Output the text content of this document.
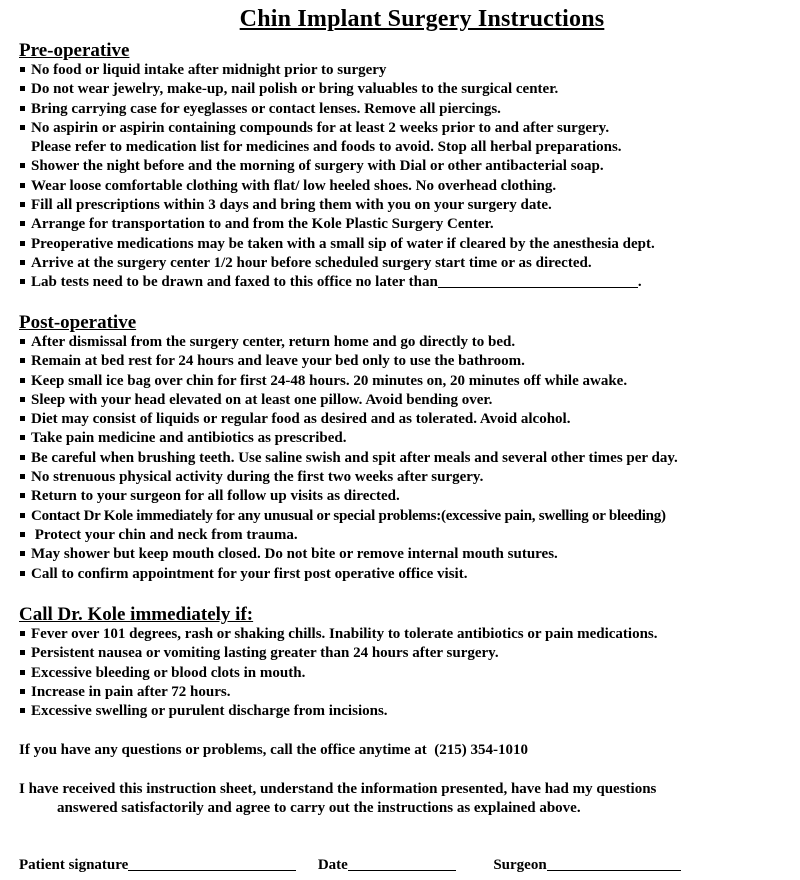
Chin Implant Surgery Instructions
Pre-operative
No food or liquid intake after midnight prior to surgery
Do not wear jewelry, make-up, nail polish or bring valuables to the surgical center.
Bring carrying case for eyeglasses or contact lenses. Remove all piercings.
No aspirin or aspirin containing compounds for at least 2 weeks prior to and after surgery.
Please refer to medication list for medicines and foods to avoid. Stop all herbal preparations.
Shower the night before and the morning of surgery with Dial or other antibacterial soap.
Wear loose comfortable clothing with flat/ low heeled shoes. No overhead clothing.
Fill all prescriptions within 3 days and bring them with you on your surgery date.
Arrange for transportation to and from the Kole Plastic Surgery Center.
Preoperative medications may be taken with a small sip of water if cleared by the anesthesia dept.
Arrive at the surgery center 1/2 hour before scheduled surgery start time or as directed.
Lab tests need to be drawn and faxed to this office no later than	.
Post-operative
After dismissal from the surgery center, return home and go directly to bed.
Remain at bed rest for 24 hours and leave your bed only to use the bathroom.
Keep small ice bag over chin for first 24-48 hours. 20 minutes on, 20 minutes off while awake.
Sleep with your head elevated on at least one pillow. Avoid bending over.
Diet may consist of liquids or regular food as desired and as tolerated. Avoid alcohol.
Take pain medicine and antibiotics as prescribed.
Be careful when brushing teeth. Use saline swish and spit after meals and several other times per day.
No strenuous physical activity during the first two weeks after surgery.
Return to your surgeon for all follow up visits as directed.
Contact Dr Kole immediately for any unusual or special problems:(excessive pain, swelling or bleeding)
Protect your chin and neck from trauma.
May shower but keep mouth closed. Do not bite or remove internal mouth sutures.
Call to confirm appointment for your first post operative office visit.
Call Dr. Kole immediately if:
Fever over 101 degrees, rash or shaking chills. Inability to tolerate antibiotics or pain medications.
Persistent nausea or vomiting lasting greater than 24 hours after surgery.
Excessive bleeding or blood clots in mouth.
Increase in pain after 72 hours.
Excessive swelling or purulent discharge from incisions.
If you have any questions or problems, call the office anytime at  (215) 354-1010
I have received this instruction sheet, understand the information presented, have had my questions
answered satisfactorily and agree to carry out the instructions as explained above.
Patient signature	Date	Surgeon
